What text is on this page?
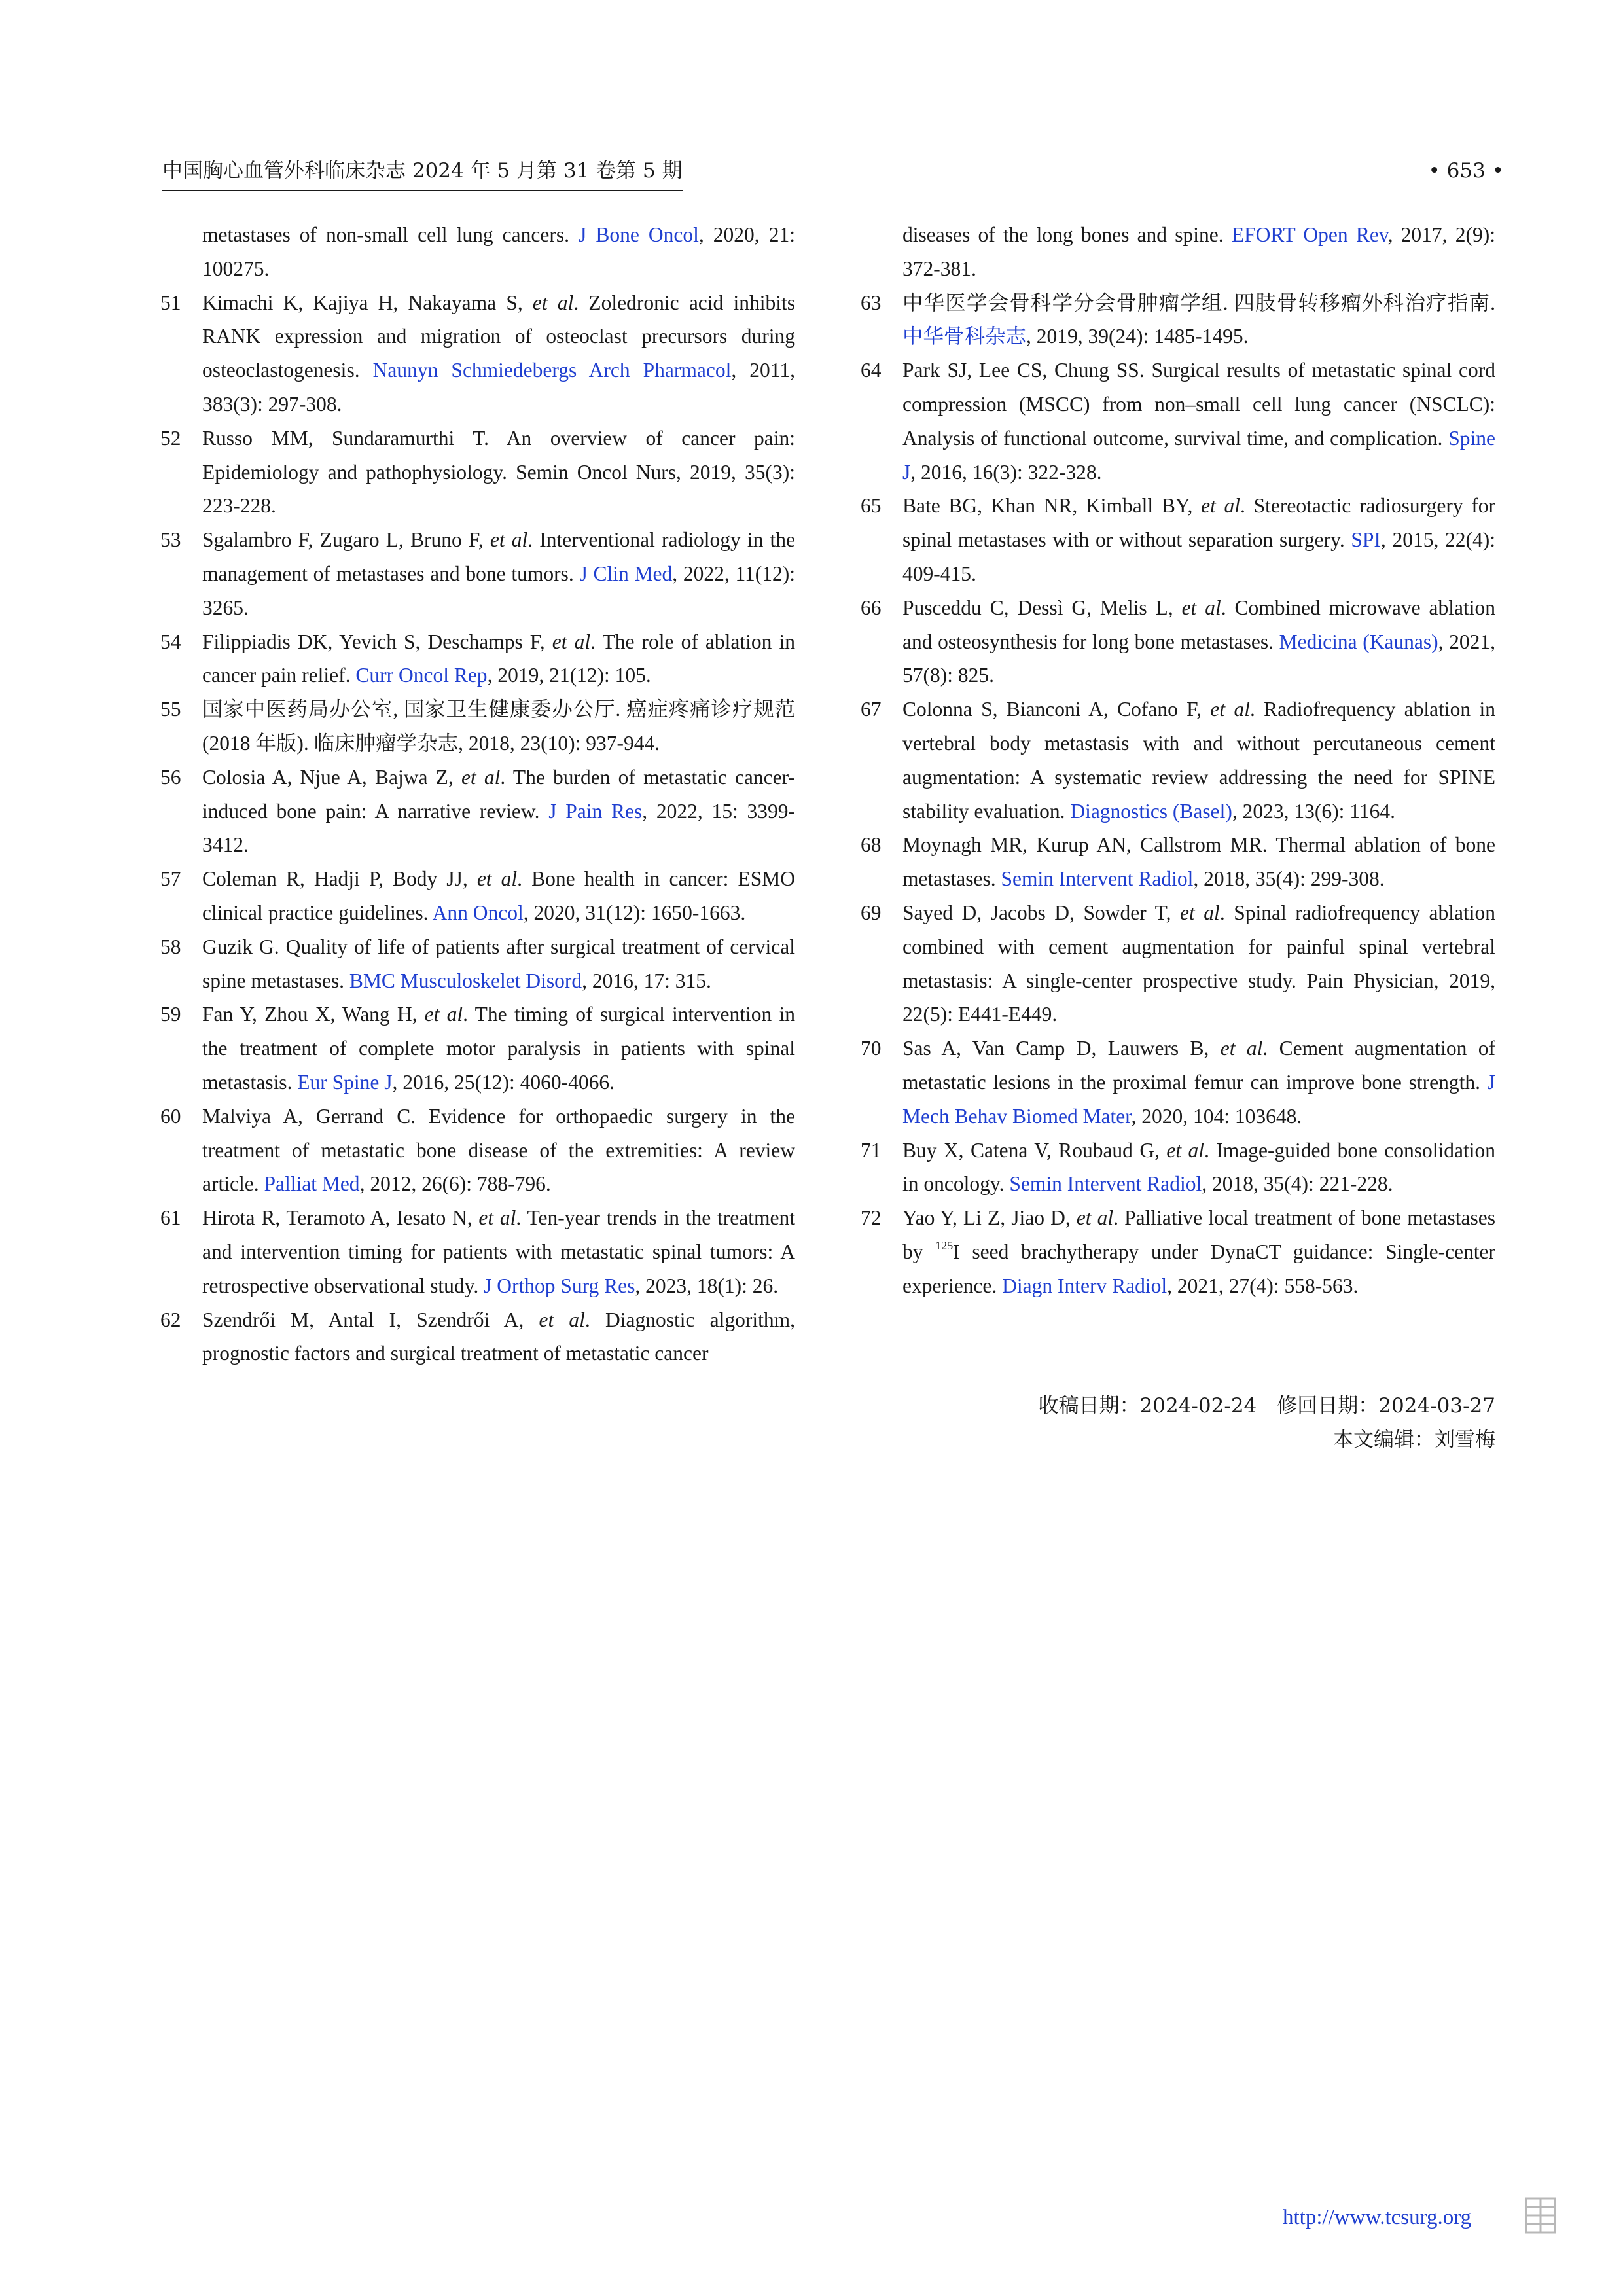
中国胸心血管外科临床杂志 2024 年 5 月第 31 卷第 5 期	• 653 •
metastases of non-small cell lung cancers. J Bone Oncol, 2020, 21: 100275.
51 Kimachi K, Kajiya H, Nakayama S, et al. Zoledronic acid inhibits RANK expression and migration of osteoclast precursors during osteoclastogenesis. Naunyn Schmiedebergs Arch Pharmacol, 2011, 383(3): 297-308.
52 Russo MM, Sundaramurthi T. An overview of cancer pain: Epidemiology and pathophysiology. Semin Oncol Nurs, 2019, 35(3): 223-228.
53 Sgalambro F, Zugaro L, Bruno F, et al. Interventional radiology in the management of metastases and bone tumors. J Clin Med, 2022, 11(12): 3265.
54 Filippiadis DK, Yevich S, Deschamps F, et al. The role of ablation in cancer pain relief. Curr Oncol Rep, 2019, 21(12): 105.
55 国家中医药局办公室, 国家卫生健康委办公厅. 癌症疼痛诊疗规范 (2018 年版). 临床肿瘤学杂志, 2018, 23(10): 937-944.
56 Colosia A, Njue A, Bajwa Z, et al. The burden of metastatic cancer-induced bone pain: A narrative review. J Pain Res, 2022, 15: 3399-3412.
57 Coleman R, Hadji P, Body JJ, et al. Bone health in cancer: ESMO clinical practice guidelines. Ann Oncol, 2020, 31(12): 1650-1663.
58 Guzik G. Quality of life of patients after surgical treatment of cervical spine metastases. BMC Musculoskelet Disord, 2016, 17: 315.
59 Fan Y, Zhou X, Wang H, et al. The timing of surgical intervention in the treatment of complete motor paralysis in patients with spinal metastasis. Eur Spine J, 2016, 25(12): 4060-4066.
60 Malviya A, Gerrand C. Evidence for orthopaedic surgery in the treatment of metastatic bone disease of the extremities: A review article. Palliat Med, 2012, 26(6): 788-796.
61 Hirota R, Teramoto A, Iesato N, et al. Ten-year trends in the treatment and intervention timing for patients with metastatic spinal tumors: A retrospective observational study. J Orthop Surg Res, 2023, 18(1): 26.
62 Szendrői M, Antal I, Szendrői A, et al. Diagnostic algorithm, prognostic factors and surgical treatment of metastatic cancer
diseases of the long bones and spine. EFORT Open Rev, 2017, 2(9): 372-381.
63 中华医学会骨科学分会骨肿瘤学组. 四肢骨转移瘤外科治疗指南. 中华骨科杂志, 2019, 39(24): 1485-1495.
64 Park SJ, Lee CS, Chung SS. Surgical results of metastatic spinal cord compression (MSCC) from non–small cell lung cancer (NSCLC): Analysis of functional outcome, survival time, and complication. Spine J, 2016, 16(3): 322-328.
65 Bate BG, Khan NR, Kimball BY, et al. Stereotactic radiosurgery for spinal metastases with or without separation surgery. SPI, 2015, 22(4): 409-415.
66 Pusceddu C, Dessì G, Melis L, et al. Combined microwave ablation and osteosynthesis for long bone metastases. Medicina (Kaunas), 2021, 57(8): 825.
67 Colonna S, Bianconi A, Cofano F, et al. Radiofrequency ablation in vertebral body metastasis with and without percutaneous cement augmentation: A systematic review addressing the need for SPINE stability evaluation. Diagnostics (Basel), 2023, 13(6): 1164.
68 Moynagh MR, Kurup AN, Callstrom MR. Thermal ablation of bone metastases. Semin Intervent Radiol, 2018, 35(4): 299-308.
69 Sayed D, Jacobs D, Sowder T, et al. Spinal radiofrequency ablation combined with cement augmentation for painful spinal vertebral metastasis: A single-center prospective study. Pain Physician, 2019, 22(5): E441-E449.
70 Sas A, Van Camp D, Lauwers B, et al. Cement augmentation of metastatic lesions in the proximal femur can improve bone strength. J Mech Behav Biomed Mater, 2020, 104: 103648.
71 Buy X, Catena V, Roubaud G, et al. Image-guided bone consolidation in oncology. Semin Intervent Radiol, 2018, 35(4): 221-228.
72 Yao Y, Li Z, Jiao D, et al. Palliative local treatment of bone metastases by $^{125}$I seed brachytherapy under DynaCT guidance: Single-center experience. Diagn Interv Radiol, 2021, 27(4): 558-563.
收稿日期：2024-02-24　修回日期：2024-03-27
本文编辑：刘雪梅
http://www.tcsurg.org
